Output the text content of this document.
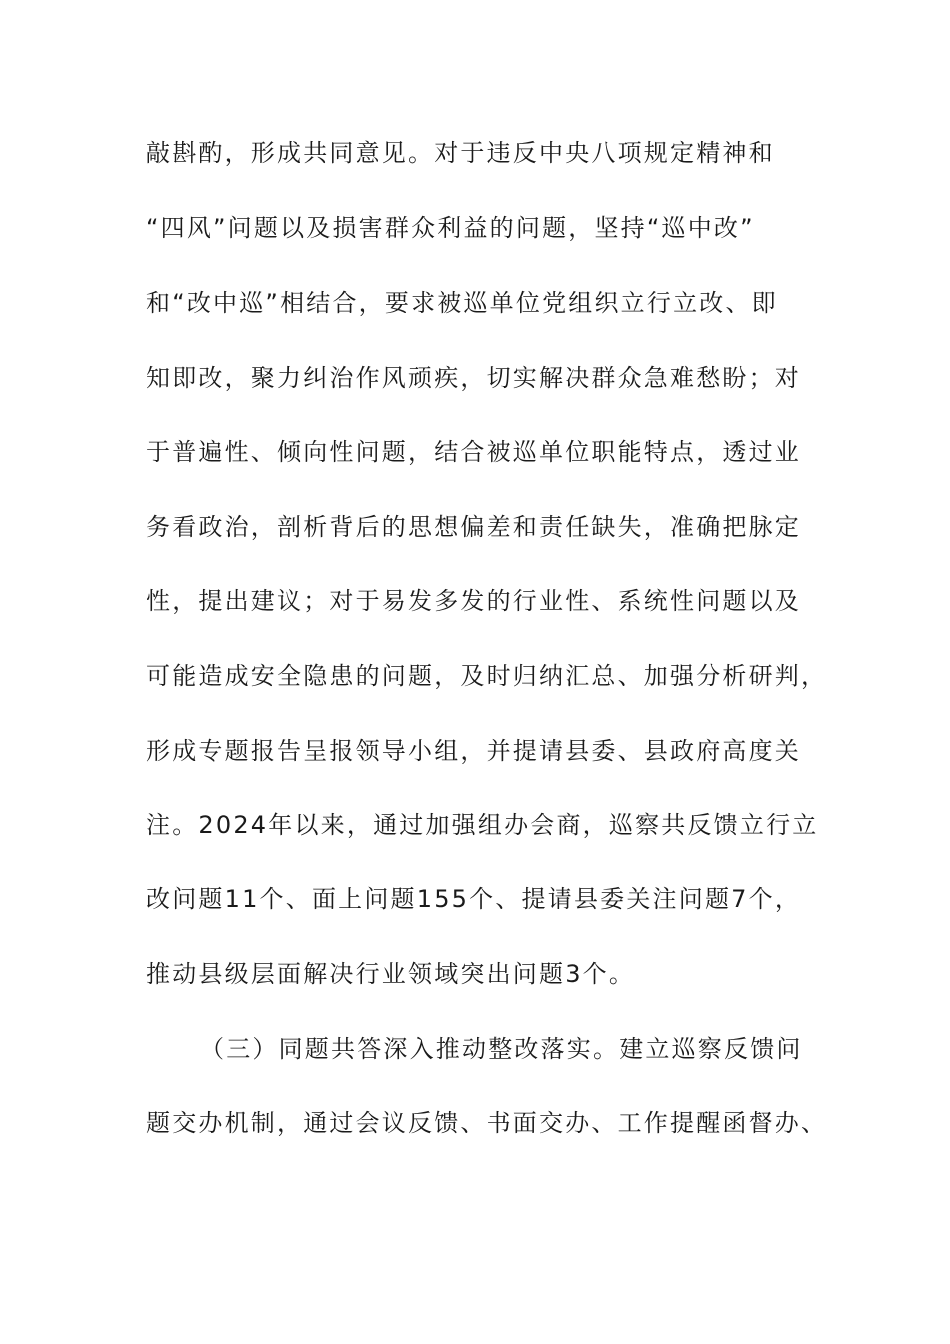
敲斟酌，形成共同意见。对于违反中央八项规定精神和
“四风”问题以及损害群众利益的问题，坚持“巡中改”
和“改中巡”相结合，要求被巡单位党组织立行立改、即
知即改，聚力纠治作风顽疾，切实解决群众急难愁盼；对
于普遍性、倾向性问题，结合被巡单位职能特点，透过业
务看政治，剖析背后的思想偏差和责任缺失，准确把脉定
性，提出建议；对于易发多发的行业性、系统性问题以及
可能造成安全隐患的问题，及时归纳汇总、加强分析研判，
形成专题报告呈报领导小组，并提请县委、县政府高度关
注。2024年以来，通过加强组办会商，巡察共反馈立行立
改问题11个、面上问题155个、提请县委关注问题7个，
推动县级层面解决行业领域突出问题3个。
（三）同题共答深入推动整改落实。建立巡察反馈问
题交办机制，通过会议反馈、书面交办、工作提醒函督办、
